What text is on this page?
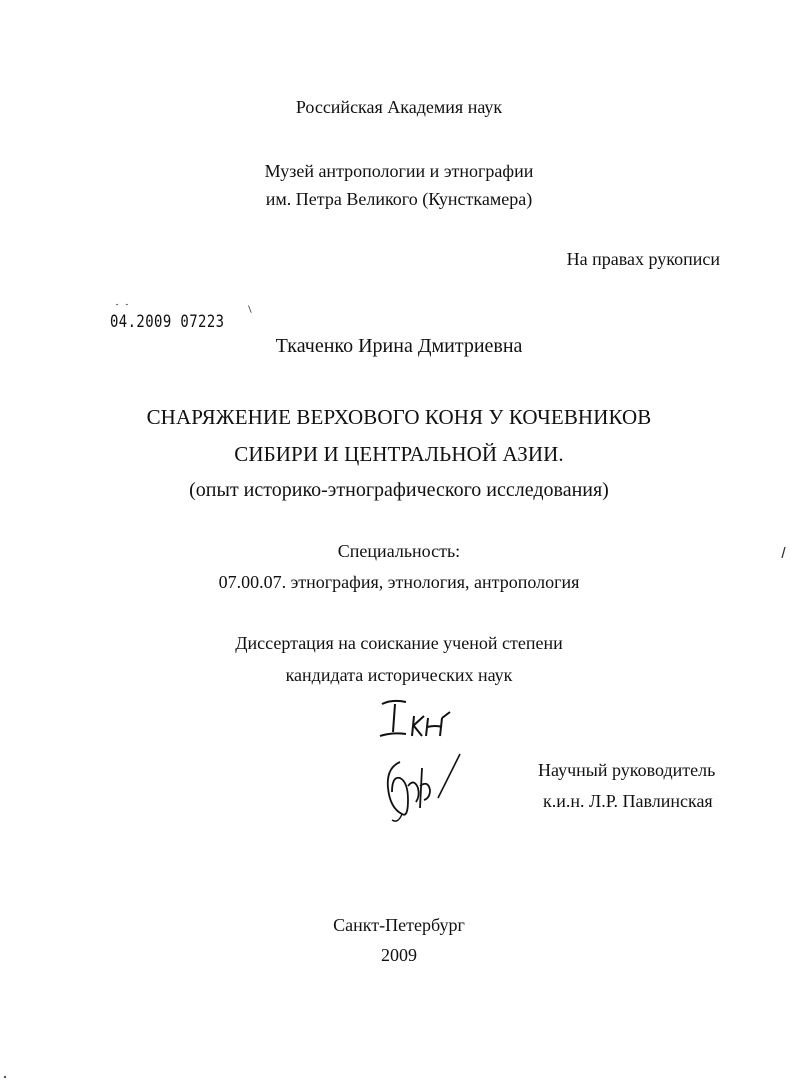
Российская Академия наук
Музей антропологии и этнографии
им. Петра Великого (Кунсткамера)
На правах рукописи
04.2009 07223
˘ ˘	\
Ткаченко Ирина Дмитриевна
СНАРЯЖЕНИЕ ВЕРХОВОГО КОНЯ У КОЧЕВНИКОВ
СИБИРИ И ЦЕНТРАЛЬНОЙ АЗИИ.
(опыт историко-этнографического исследования)
Специальность:
07.00.07. этнография, этнология, антропология
Диссертация на соискание ученой степени
кандидата исторических наук
Научный руководитель
к.и.н. Л.Р. Павлинская
Санкт-Петербург
2009
